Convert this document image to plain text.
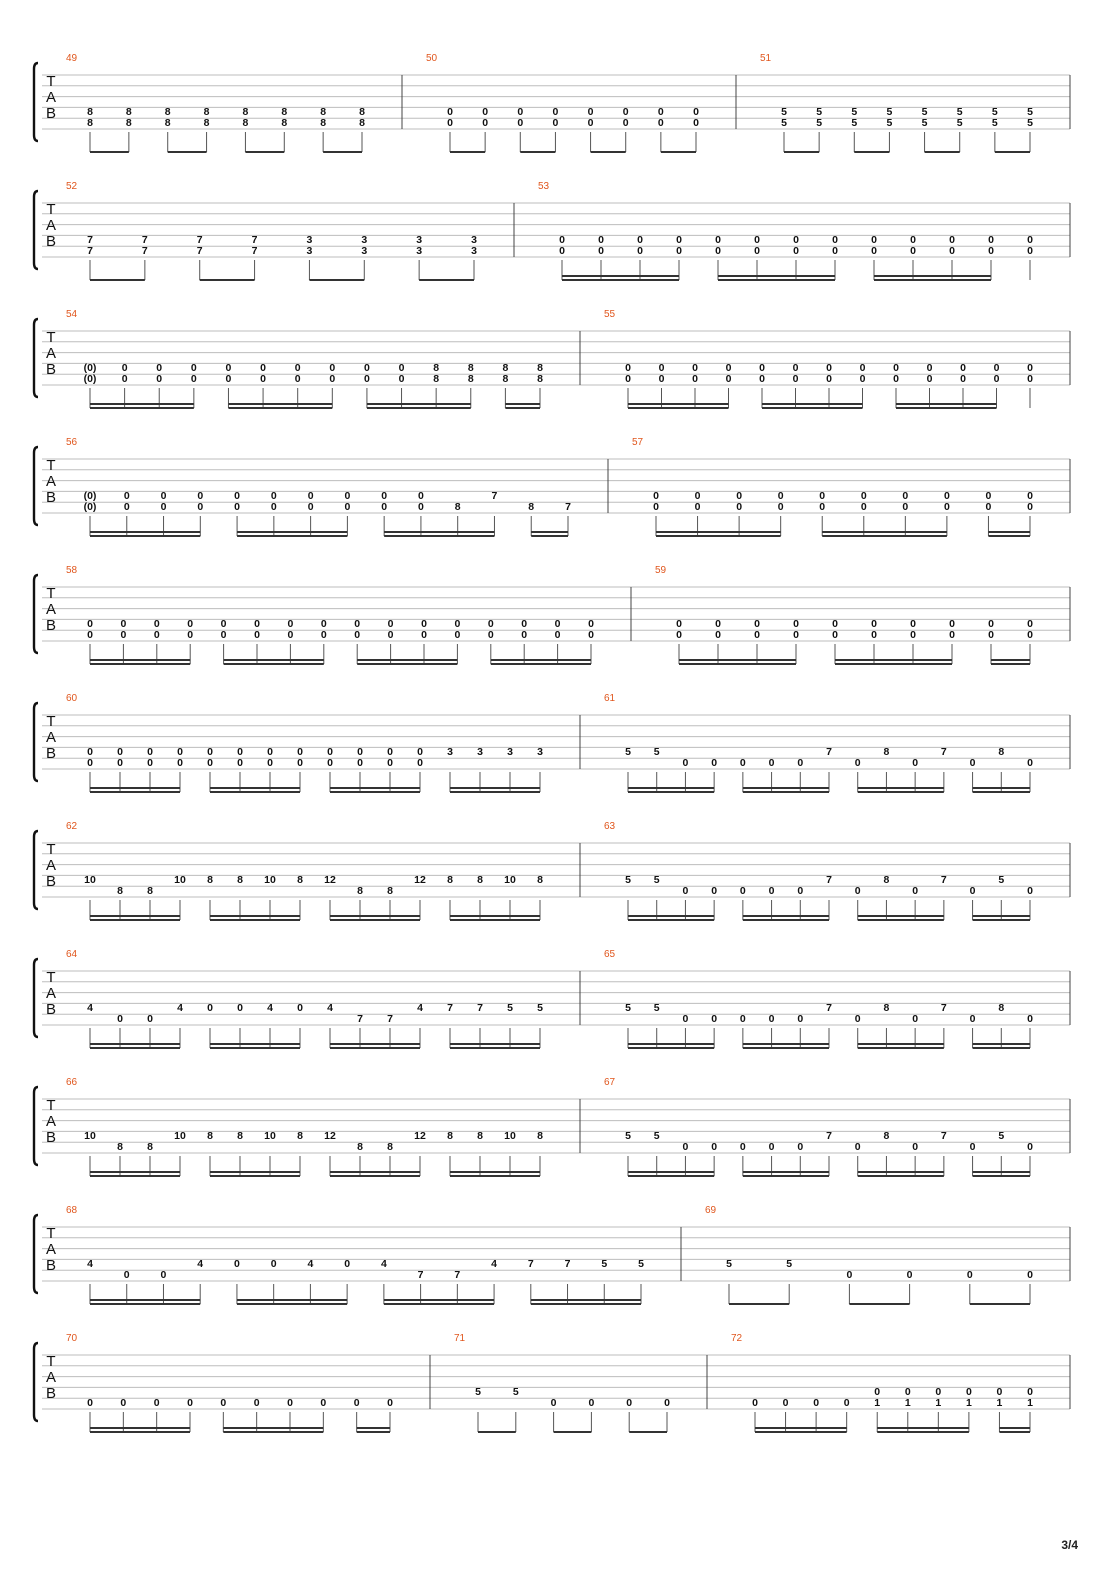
T
A
B
49
8
8
8
8
8
8
8
8
8
8
8
8
8
8
8
8
50
0
0
0
0
0
0
0
0
0
0
0
0
0
0
0
0
51
5
5
5
5
5
5
5
5
5
5
5
5
5
5
5
5
T
A
B
52
7
7
7
7
7
7
7
7
3
3
3
3
3
3
3
3
53
0
0
0
0
0
0
0
0
0
0
0
0
0
0
0
0
0
0
0
0
0
0
0
0
0
0
T
A
B
54
(0)
(0)
0
0
0
0
0
0
0
0
0
0
0
0
0
0
0
0
0
0
8
8
8
8
8
8
8
8
55
0
0
0
0
0
0
0
0
0
0
0
0
0
0
0
0
0
0
0
0
0
0
0
0
0
0
T
A
B
56
(0)
(0)
0
0
0
0
0
0
0
0
0
0
0
0
0
0
0
0
0
0	8
7
8	7
57
0
0
0
0
0
0
0
0
0
0
0
0
0
0
0
0
0
0
0
0
T
A
B
58
0
0
0
0
0
0
0
0
0
0
0
0
0
0
0
0
0
0
0
0
0
0
0
0
0
0
0
0
0
0
0
0
59
0
0
0
0
0
0
0
0
0
0
0
0
0
0
0
0
0
0
0
0
T
A
B
60
0
0
0
0
0
0
0
0
0
0
0
0
0
0
0
0
0
0
0
0
0
0
0
0
3 3 3 3
61
5 5
0 0 0 0 0
7
0
8
0
7
0
8
0
T
A
B
62
10
8 8
10 8 8 10 8 12
8 8
12 8 8 10 8
63
5 5
0 0 0 0 0
7
0
8
0
7
0
5
0
T
A
B
64
4
0 0
4 0 0 4 0 4
7 7
4 7 7 5 5
65
5 5
0 0 0 0 0
7
0
8
0
7
0
8
0
T
A
B
66
10
8 8
10 8 8 10 8 12
8 8
12 8 8 10 8
67
5 5
0 0 0 0 0
7
0
8
0
7
0
5
0
T
A
B
68
4
0	0
4	0	0	4	0	4
7	7
4	7	7	5	5
69
5	5
0	0	0	0
T
A
B
70
0	0	0	0	0	0	0	0	0	0
71
5	5
0	0	0	0
72
0 0 0 0
0
1
0
1
0
1
0
1
0
1
0
1
3/4
